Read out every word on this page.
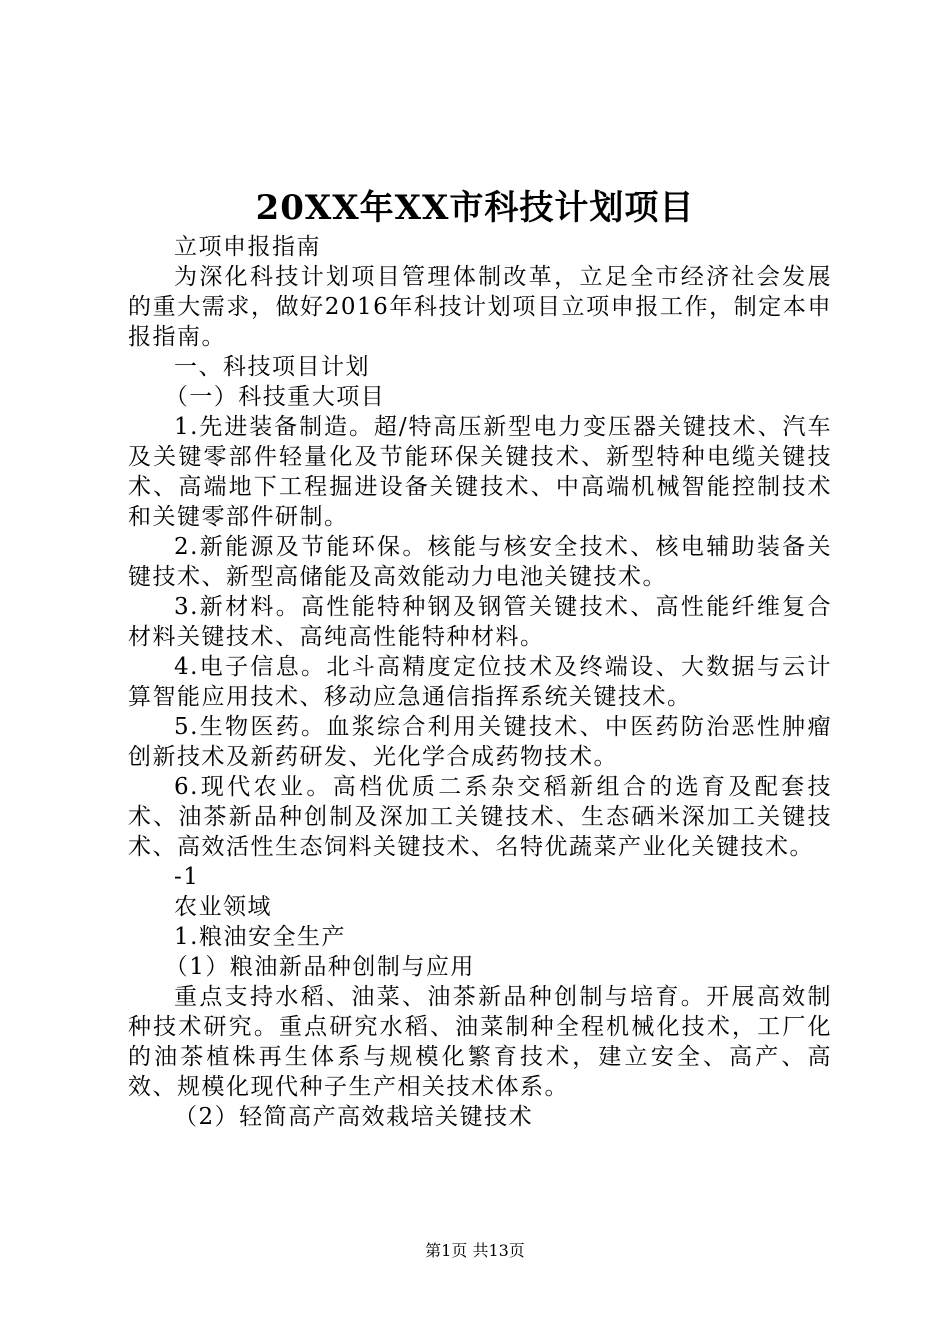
20XX年XX市科技计划项目

立项申报指南

为深化科技计划项目管理体制改革，立足全市经济社会发展的重大需求，做好2016年科技计划项目立项申报工作，制定本申报指南。

一、科技项目计划

（一）科技重大项目

1.先进装备制造。超/特高压新型电力变压器关键技术、汽车及关键零部件轻量化及节能环保关键技术、新型特种电缆关键技术、高端地下工程掘进设备关键技术、中高端机械智能控制技术和关键零部件研制。

2.新能源及节能环保。核能与核安全技术、核电辅助装备关键技术、新型高储能及高效能动力电池关键技术。

3.新材料。高性能特种钢及钢管关键技术、高性能纤维复合材料关键技术、高纯高性能特种材料。

4.电子信息。北斗高精度定位技术及终端设、大数据与云计算智能应用技术、移动应急通信指挥系统关键技术。

5.生物医药。血浆综合利用关键技术、中医药防治恶性肿瘤创新技术及新药研发、光化学合成药物技术。

6.现代农业。高档优质二系杂交稻新组合的选育及配套技术、油茶新品种创制及深加工关键技术、生态硒米深加工关键技术、高效活性生态饲料关键技术、名特优蔬菜产业化关键技术。

-1

农业领域

1.粮油安全生产

（1）粮油新品种创制与应用

重点支持水稻、油菜、油茶新品种创制与培育。开展高效制种技术研究。重点研究水稻、油菜制种全程机械化技术，工厂化的油茶植株再生体系与规模化繁育技术，建立安全、高产、高效、规模化现代种子生产相关技术体系。

（2）轻简高产高效栽培关键技术

第1页 共13页
